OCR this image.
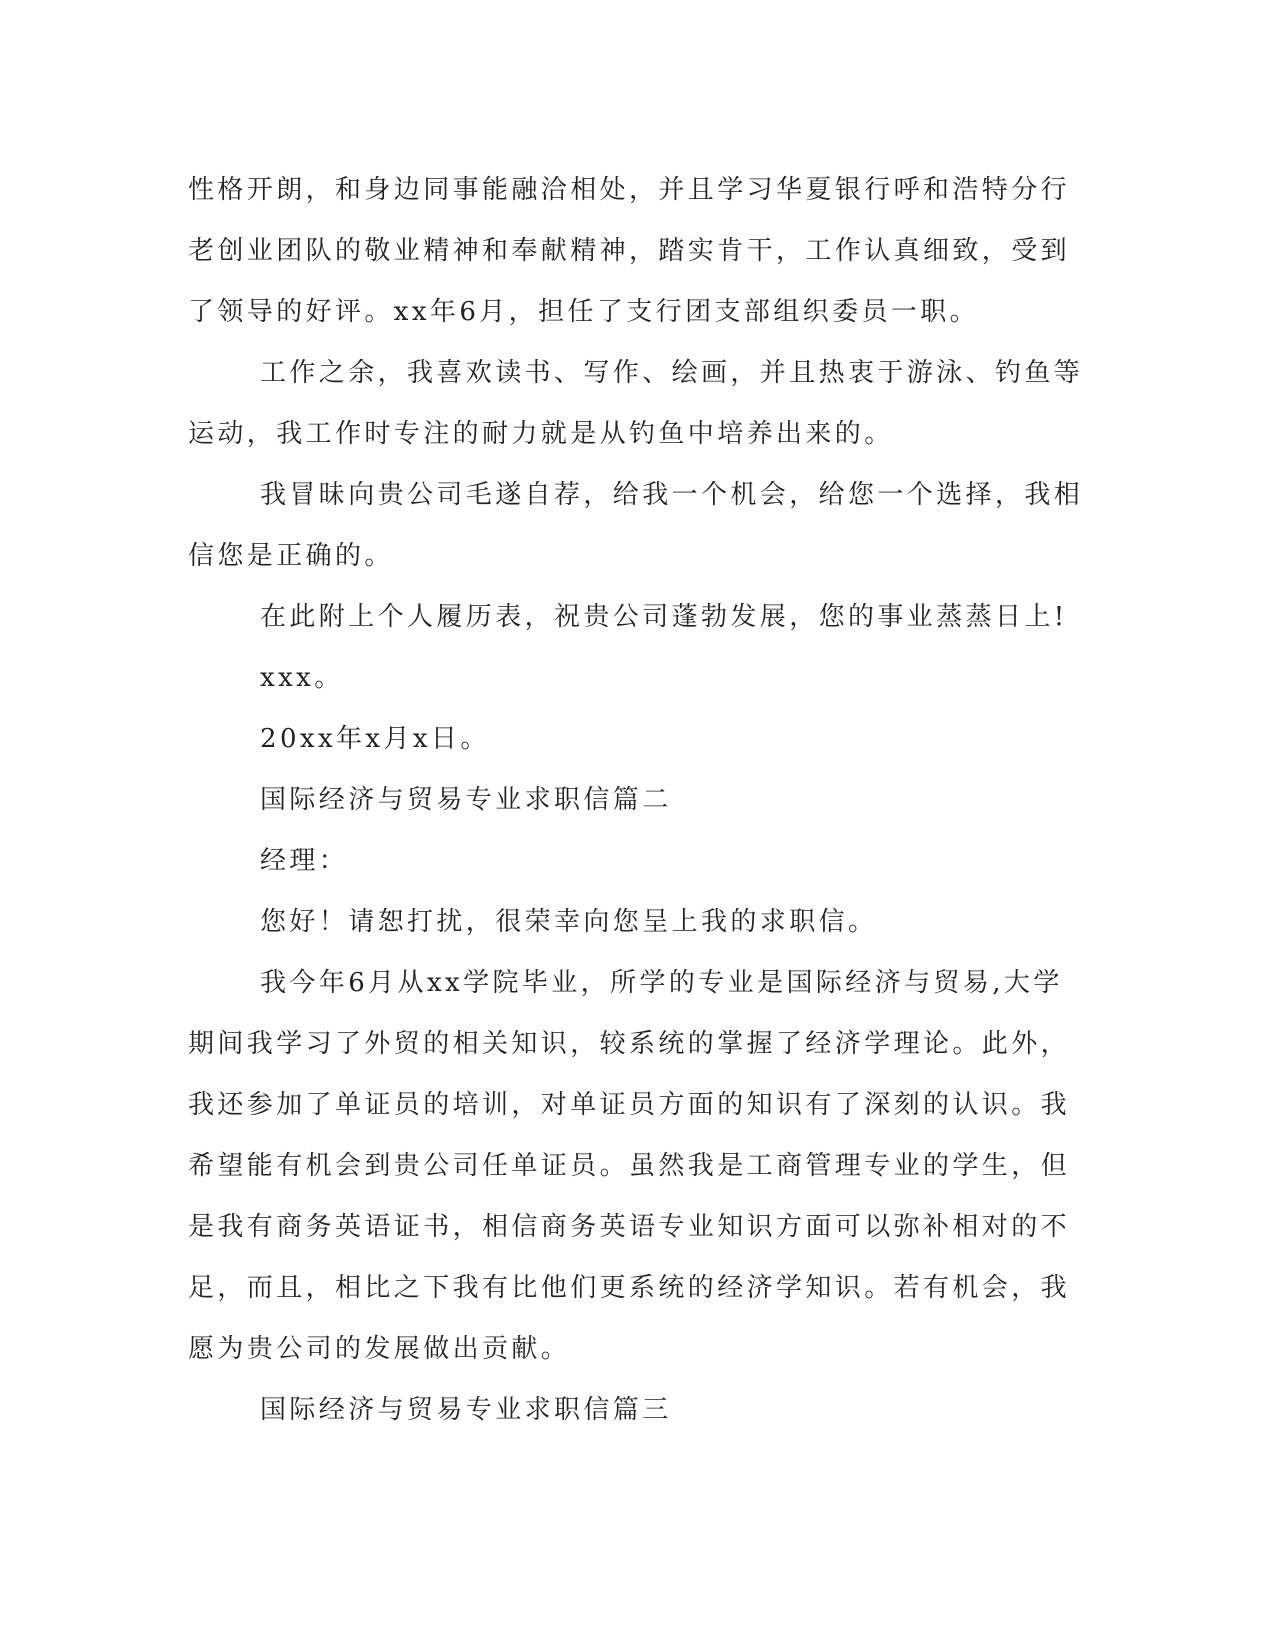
性格开朗，和身边同事能融洽相处，并且学习华夏银行呼和浩特分行老创业团队的敬业精神和奉献精神，踏实肯干，工作认真细致，受到了领导的好评。xx年6月，担任了支行团支部组织委员一职。

工作之余，我喜欢读书、写作、绘画，并且热衷于游泳、钓鱼等运动，我工作时专注的耐力就是从钓鱼中培养出来的。

我冒昧向贵公司毛遂自荐，给我一个机会，给您一个选择，我相信您是正确的。

在此附上个人履历表，祝贵公司蓬勃发展，您的事业蒸蒸日上!

xxx。

20xx年x月x日。

国际经济与贸易专业求职信篇二

经理：

您好！请恕打扰，很荣幸向您呈上我的求职信。

我今年6月从xx学院毕业，所学的专业是国际经济与贸易,大学期间我学习了外贸的相关知识，较系统的掌握了经济学理论。此外，我还参加了单证员的培训，对单证员方面的知识有了深刻的认识。我希望能有机会到贵公司任单证员。虽然我是工商管理专业的学生，但是我有商务英语证书，相信商务英语专业知识方面可以弥补相对的不足，而且，相比之下我有比他们更系统的经济学知识。若有机会，我愿为贵公司的发展做出贡献。

国际经济与贸易专业求职信篇三
